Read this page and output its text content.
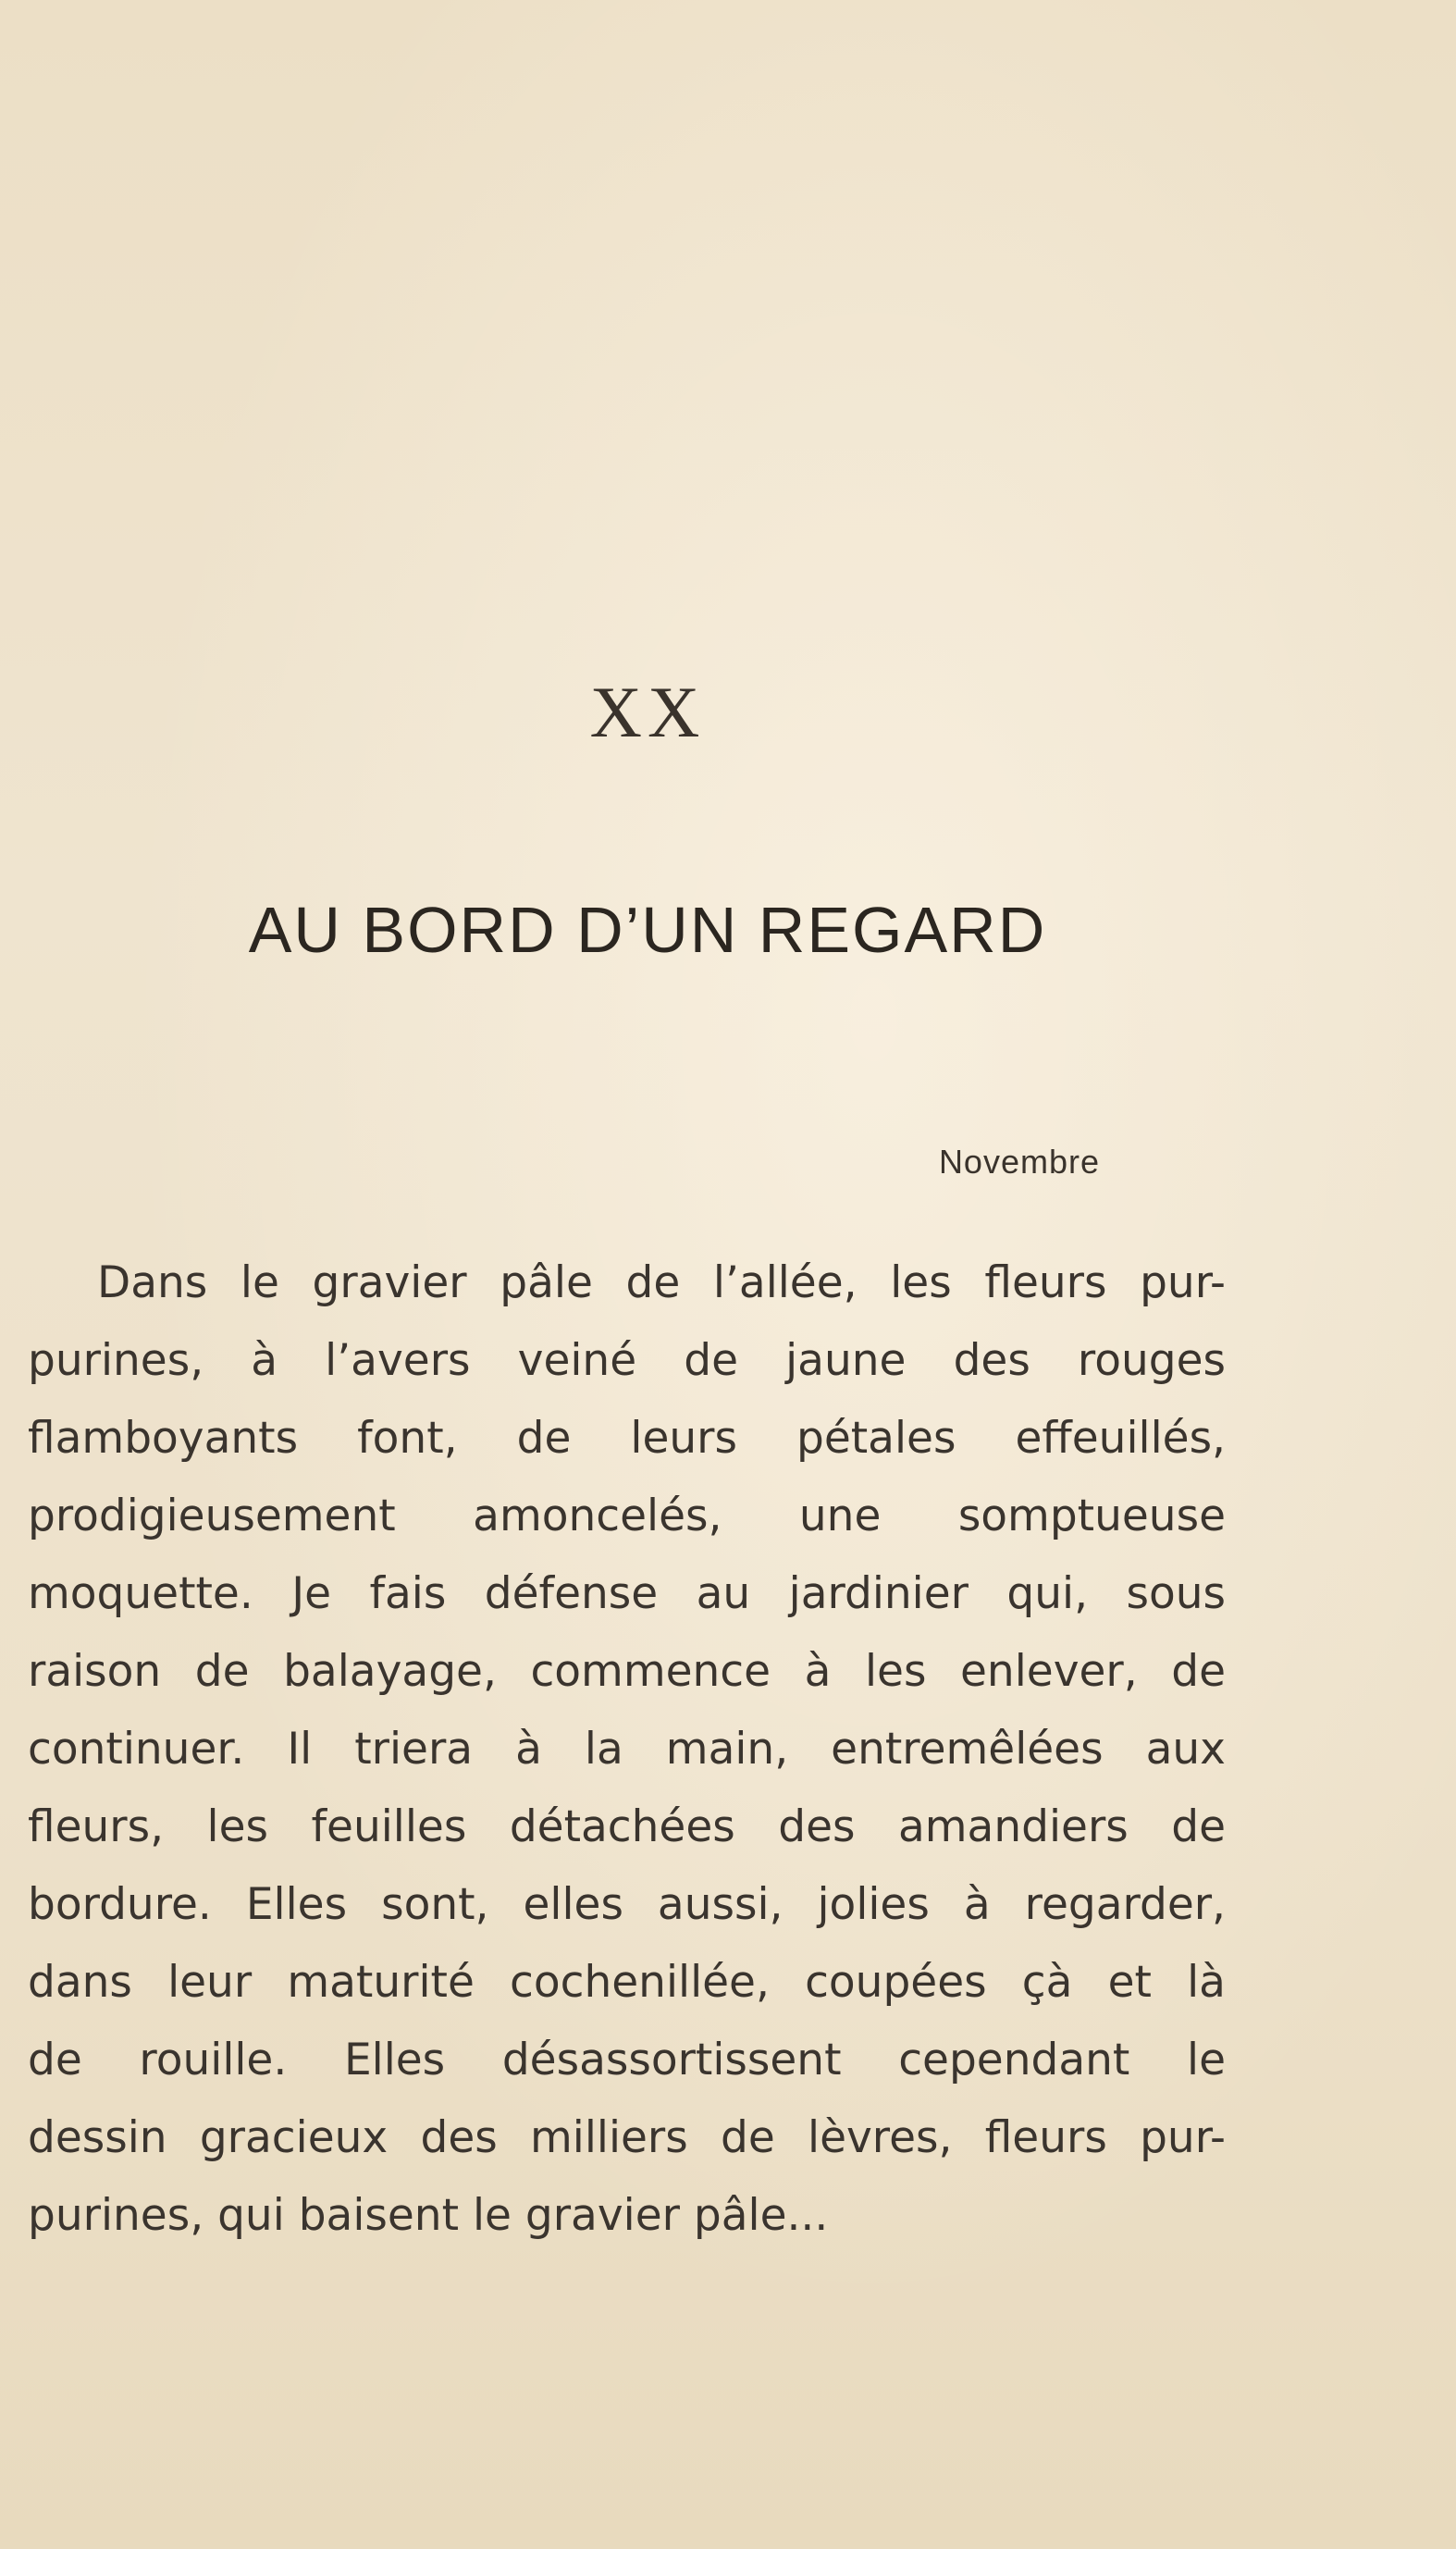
XX
AU BORD D’UN REGARD
Novembre
Dans le gravier pâle de l’allée, les fleurs pur-
purines, à l’avers veiné de jaune des rouges
flamboyants font, de leurs pétales effeuillés,
prodigieusement amoncelés, une somptueuse
moquette. Je fais défense au jardinier qui, sous
raison de balayage, commence à les enlever, de
continuer. Il triera à la main, entremêlées aux
fleurs, les feuilles détachées des amandiers de
bordure. Elles sont, elles aussi, jolies à regarder,
dans leur maturité cochenillée, coupées çà et là
de rouille. Elles désassortissent cependant le
dessin gracieux des milliers de lèvres, fleurs pur-
purines, qui baisent le gravier pâle...
